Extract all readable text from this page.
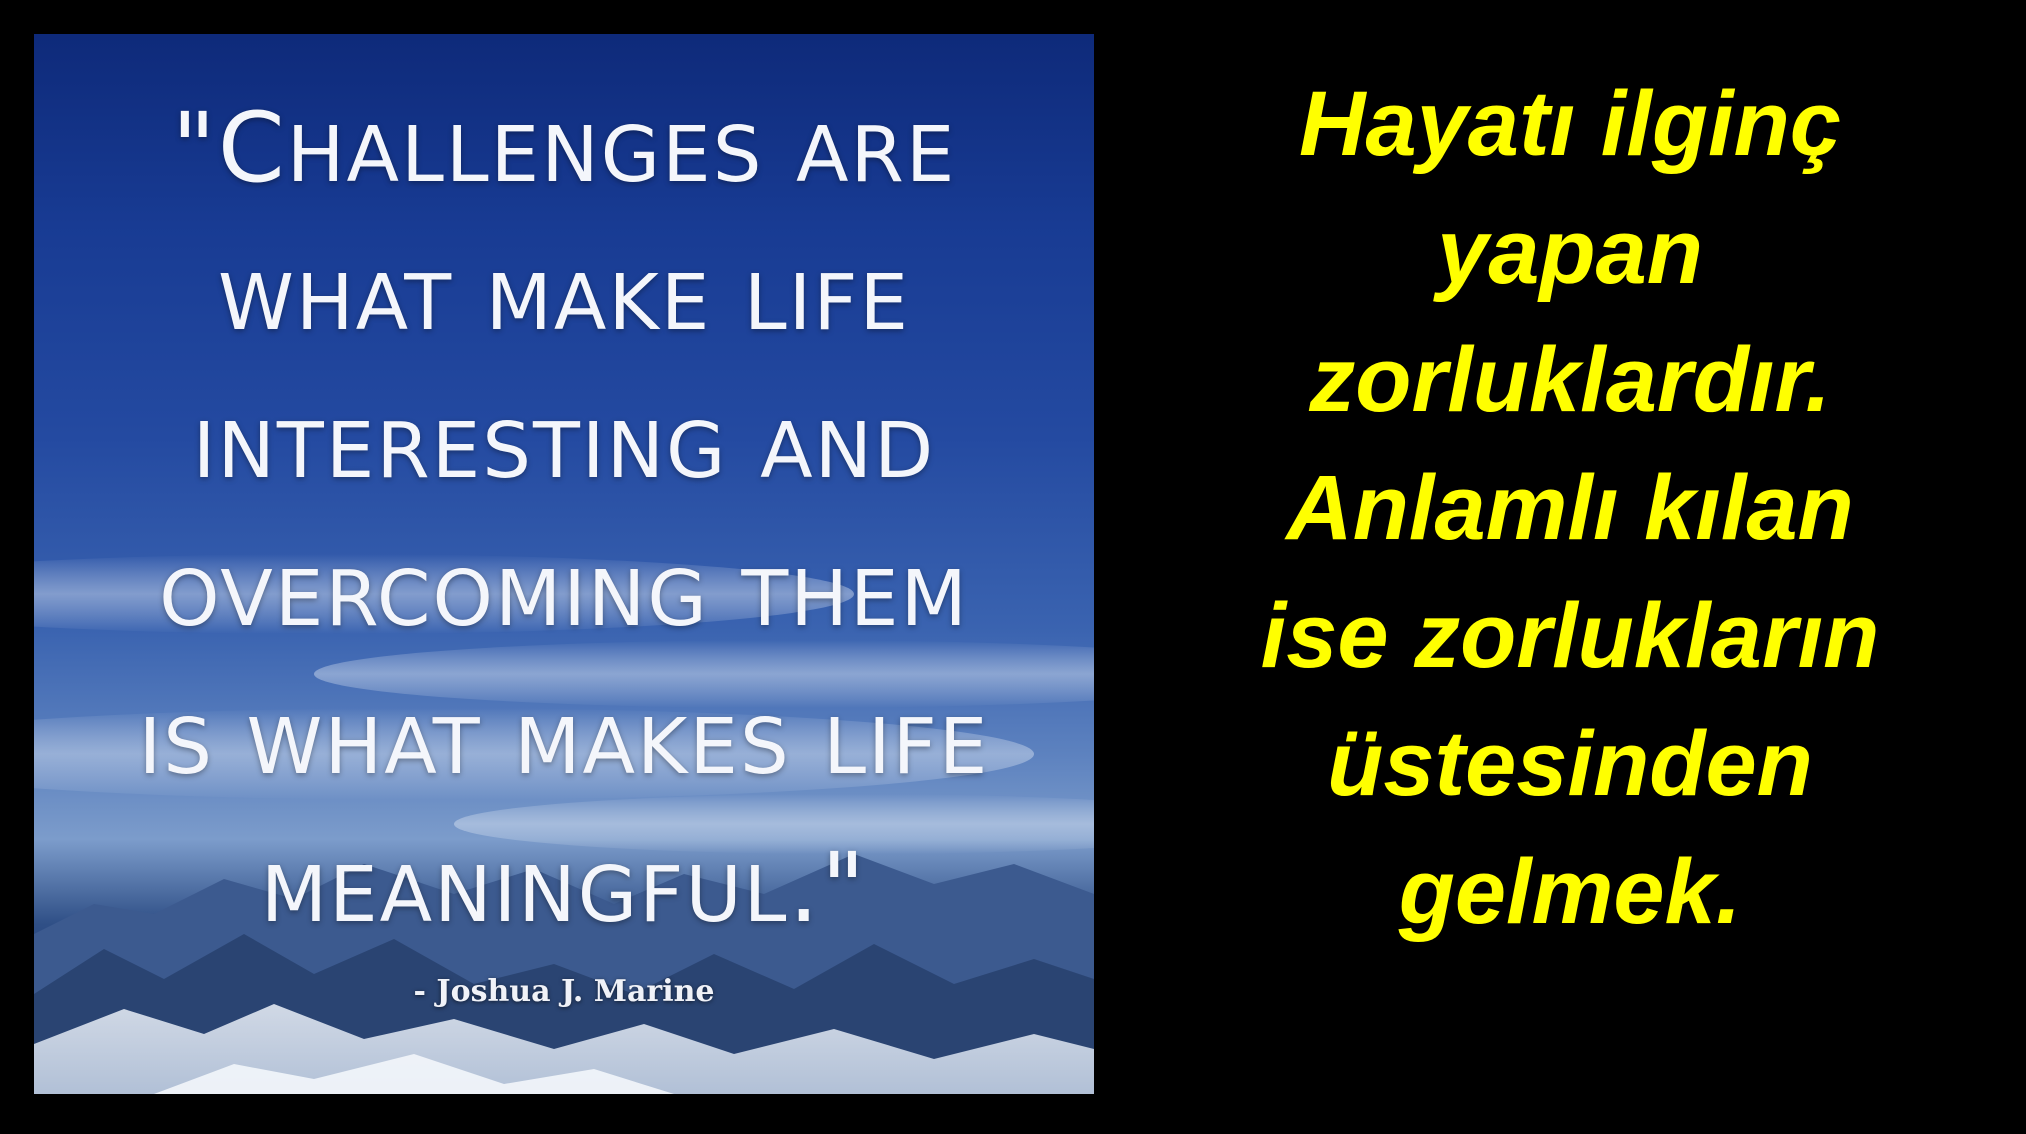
"CHALLENGES ARE
WHAT MAKE LIFE
INTERESTING AND
OVERCOMING THEM
IS WHAT MAKES LIFE
MEANINGFUL."
- Joshua J. Marine
Hayatı ilginç
yapan
zorluklardır.
Anlamlı kılan
ise zorlukların
üstesinden
gelmek.
